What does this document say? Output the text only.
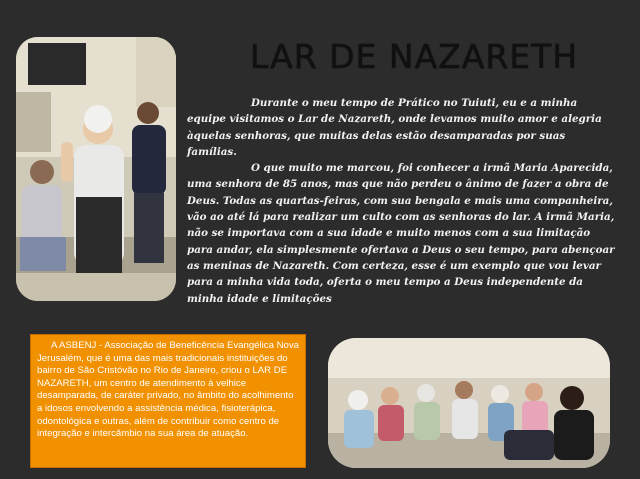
LAR DE NAZARETH

Durante o meu tempo de Prático no Tuiuti, eu e a minha equipe visitamos o Lar de Nazareth, onde levamos muito amor e alegria àquelas senhoras, que muitas delas estão desamparadas por suas famílias.

O que muito me marcou, foi conhecer a irmã Maria Aparecida, uma senhora de 85 anos, mas que não perdeu o ânimo de fazer a obra de Deus. Todas as quartas-feiras, com sua bengala e mais uma companheira, vão ao até lá para realizar um culto com as senhoras do lar. A irmã Maria, não se importava com a sua idade e muito menos com a sua limitação para andar, ela simplesmente ofertava a Deus o seu tempo, para abençoar as meninas de Nazareth. Com certeza, esse é um exemplo que vou levar para a minha vida toda, oferta o meu tempo a Deus independente da minha idade e limitações

A ASBENJ - Associação de Beneficência Evangélica Nova Jerusalém, que é uma das mais tradicionais instituições do bairro de São Cristóvão no Rio de Janeiro, criou o LAR DE NAZARETH, um centro de atendimento à velhice desamparada, de caráter privado, no âmbito do acolhimento a idosos envolvendo a assistência médica, fisioterápica, odontológica e outras, além de contribuir como centro de integração e intercâmbio na sua área de atuação.
